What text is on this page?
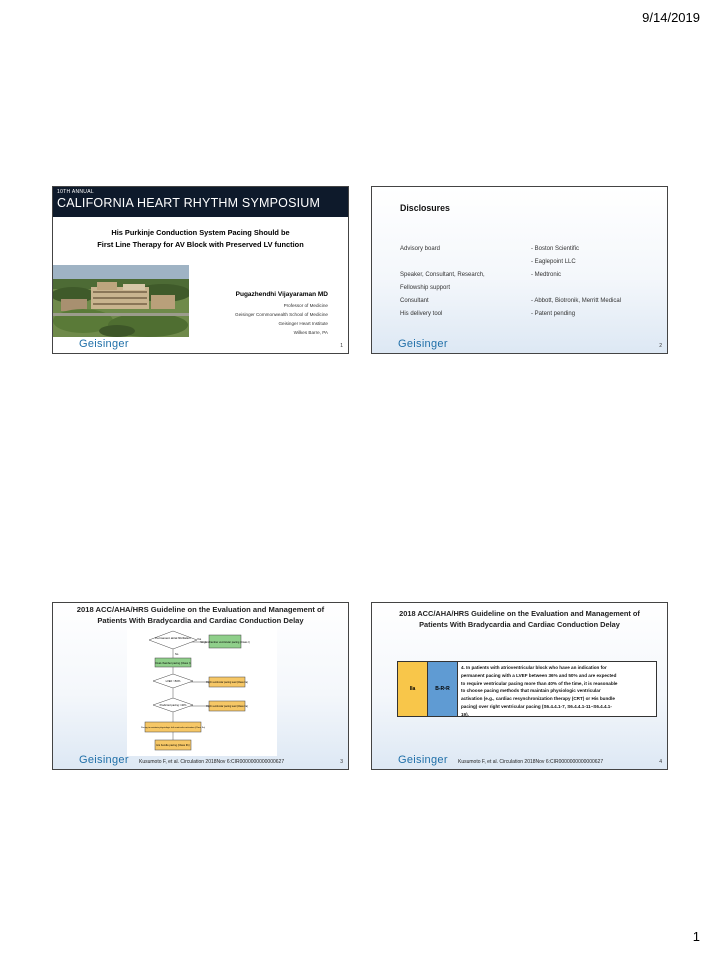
9/14/2019
10TH ANNUAL
CALIFORNIA HEART RHYTHM SYMPOSIUM
His Purkinje Conduction System Pacing Should be
First Line Therapy for AV Block with Preserved LV function
Pugazhendhi Vijayaraman MD
Professor of Medicine
Geisinger Commonwealth School of Medicine
Geisinger Heart Institute
Wilkes Barre, PA
Geisinger	1
Disclosures
Advisory board	- Boston Scientific
- Eaglepoint LLC
Speaker, Consultant, Research,	- Medtronic
Fellowship support
Consultant	- Abbott, Biotronik, Merritt Medical
His delivery tool	- Patent pending
Geisinger	2
2018 ACC/AHA/HRS Guideline on the Evaluation and Management of
Patients With Bradycardia and Cardiac Conduction Delay
Permanent atrial fibrillation
Single chamber ventricular pacing (Class I)
Yes
No
Dual chamber pacing (Class I)
LVEF >50%	Right ventricular pacing lead (Class IIa)
Predicted pacing >40%	Right ventricular pacing lead (Class IIa)
Pacing to maintain physiologic left ventricular activation (Class IIa)
His bundle pacing (Class IIb)
Geisinger Kusumoto F, et al. Circulation 2018Nov 6:CIR0000000000000627	3
2018 ACC/AHA/HRS Guideline on the Evaluation and Management of
Patients With Bradycardia and Cardiac Conduction Delay
IIa	B-RⁿR
4. In patients with atrioventricular block who have an indication for
permanent pacing with a LVEF between 36% and 50% and are expected
to require ventricular pacing more than 40% of the time, it is reasonable
to choose pacing methods that maintain physiologic ventricular
activation (e.g., cardiac resynchronization therapy (CRT) or His bundle
pacing) over right ventricular pacing (S6.4.4.1-7, S6.4.4.1-11–S6.4.4.1-
19).
Geisinger Kusumoto F, et al. Circulation 2018Nov 6:CIR0000000000000627	4
1
